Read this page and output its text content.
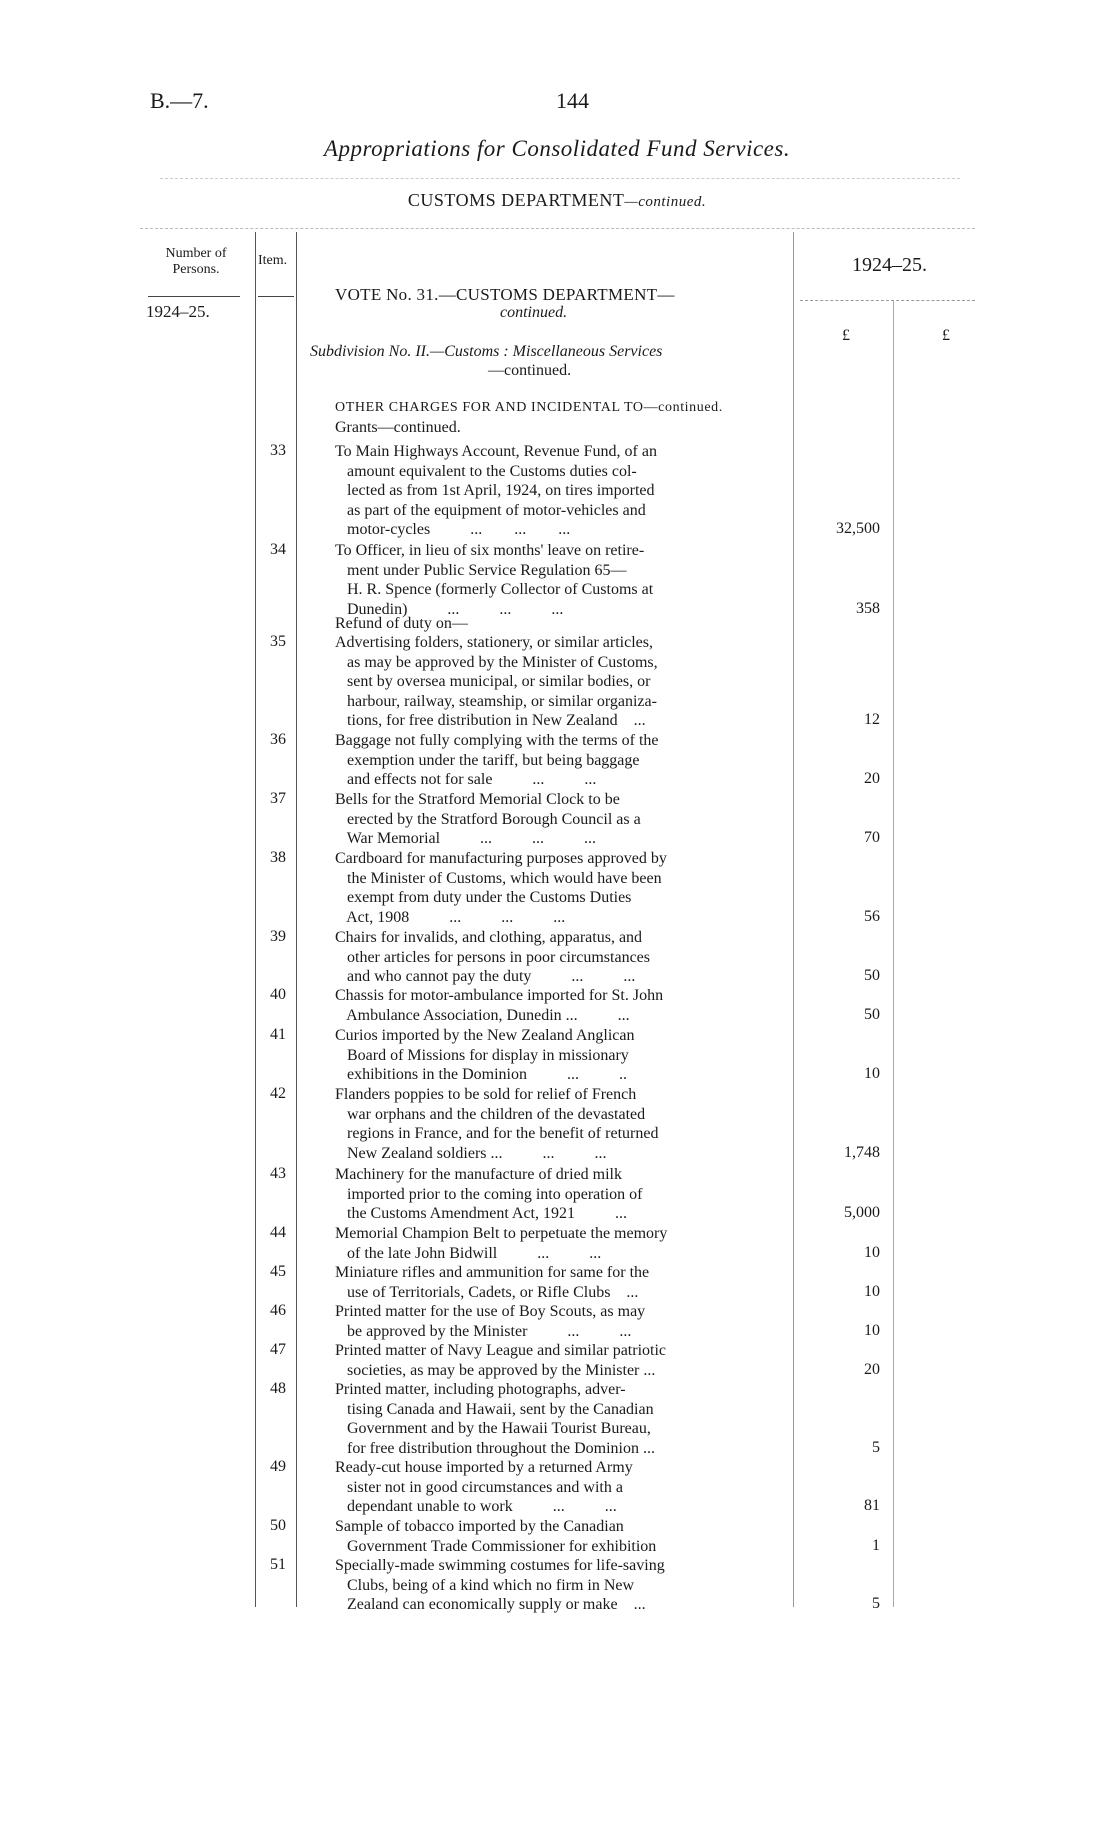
B.—7.	144
Appropriations for Consolidated Fund Services.
CUSTOMS DEPARTMENT—continued.
Number of Persons.
Item.
1924–25.
1924–25.
£	£
VOTE No. 31.—CUSTOMS DEPARTMENT—
continued.
Subdivision No. II.—Customs : Miscellaneous Services
—continued.
OTHER CHARGES FOR AND INCIDENTAL TO—continued.
Grants—continued.
Refund of duty on—
33	To Main Highways Account, Revenue Fund, of an
amount equivalent to the Customs duties col-
lected as from 1st April, 1924, on tires imported
as part of the equipment of motor-vehicles and
motor-cycles          ...        ...        ...	32,500
34	To Officer, in lieu of six months' leave on retire-
ment under Public Service Regulation 65—
H. R. Spence (formerly Collector of Customs at
Dunedin)          ...          ...          ...	358
35	Advertising folders, stationery, or similar articles,
as may be approved by the Minister of Customs,
sent by oversea municipal, or similar bodies, or
harbour, railway, steamship, or similar organiza-
tions, for free distribution in New Zealand    ...	12
36	Baggage not fully complying with the terms of the
exemption under the tariff, but being baggage
and effects not for sale          ...          ...	20
37	Bells for the Stratford Memorial Clock to be
erected by the Stratford Borough Council as a
War Memorial          ...          ...          ...	70
38	Cardboard for manufacturing purposes approved by
the Minister of Customs, which would have been
exempt from duty under the Customs Duties
Act, 1908          ...          ...          ...	56
39	Chairs for invalids, and clothing, apparatus, and
other articles for persons in poor circumstances
and who cannot pay the duty          ...          ...	50
40	Chassis for motor-ambulance imported for St. John
Ambulance Association, Dunedin ...          ...	50
41	Curios imported by the New Zealand Anglican
Board of Missions for display in missionary
exhibitions in the Dominion          ...          ..	10
42	Flanders poppies to be sold for relief of French
war orphans and the children of the devastated
regions in France, and for the benefit of returned
New Zealand soldiers ...          ...          ...	1,748
43	Machinery for the manufacture of dried milk
imported prior to the coming into operation of
the Customs Amendment Act, 1921          ...	5,000
44	Memorial Champion Belt to perpetuate the memory
of the late John Bidwill          ...          ...	10
45	Miniature rifles and ammunition for same for the
use of Territorials, Cadets, or Rifle Clubs    ...	10
46	Printed matter for the use of Boy Scouts, as may
be approved by the Minister          ...          ...	10
47	Printed matter of Navy League and similar patriotic
societies, as may be approved by the Minister ...	20
48	Printed matter, including photographs, adver-
tising Canada and Hawaii, sent by the Canadian
Government and by the Hawaii Tourist Bureau,
for free distribution throughout the Dominion ...	5
49	Ready-cut house imported by a returned Army
sister not in good circumstances and with a
dependant unable to work          ...          ...	81
50	Sample of tobacco imported by the Canadian
Government Trade Commissioner for exhibition	1
51	Specially-made swimming costumes for life-saving
Clubs, being of a kind which no firm in New
Zealand can economically supply or make    ...	5
